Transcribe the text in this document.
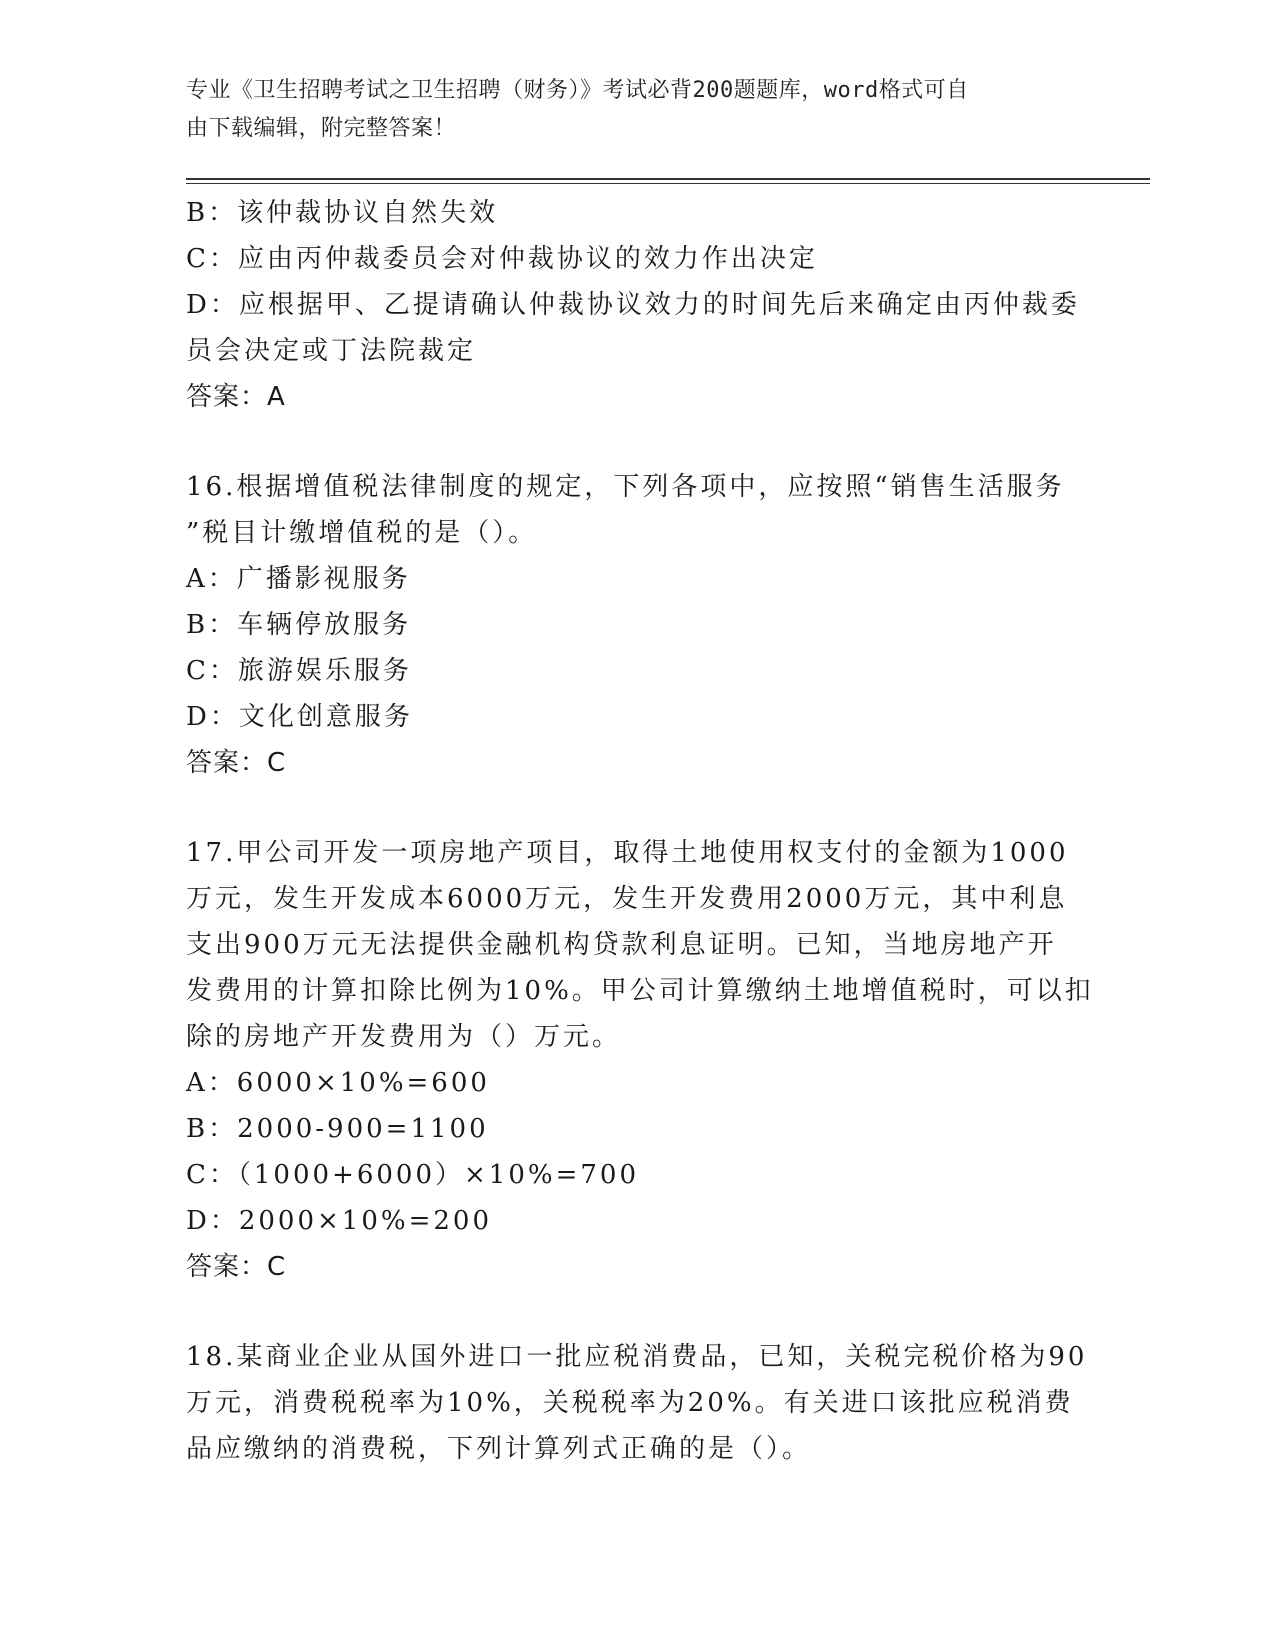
专业《卫生招聘考试之卫生招聘（财务）》考试必背200题题库，word格式可自
由下载编辑，附完整答案！
B：该仲裁协议自然失效
C：应由丙仲裁委员会对仲裁协议的效力作出决定
D：应根据甲、乙提请确认仲裁协议效力的时间先后来确定由丙仲裁委
员会决定或丁法院裁定
答案：A
16.根据增值税法律制度的规定，下列各项中，应按照“销售生活服务
”税目计缴增值税的是（）。
A：广播影视服务
B：车辆停放服务
C：旅游娱乐服务
D：文化创意服务
答案：C
17.甲公司开发一项房地产项目，取得土地使用权支付的金额为1000
万元，发生开发成本6000万元，发生开发费用2000万元，其中利息
支出900万元无法提供金融机构贷款利息证明。已知，当地房地产开
发费用的计算扣除比例为10%。甲公司计算缴纳土地增值税时，可以扣
除的房地产开发费用为（）万元。
A：6000×10%=600
B：2000-900=1100
C：（1000+6000）×10%=700
D：2000×10%=200
答案：C
18.某商业企业从国外进口一批应税消费品，已知，关税完税价格为90
万元，消费税税率为10%，关税税率为20%。有关进口该批应税消费
品应缴纳的消费税，下列计算列式正确的是（）。
